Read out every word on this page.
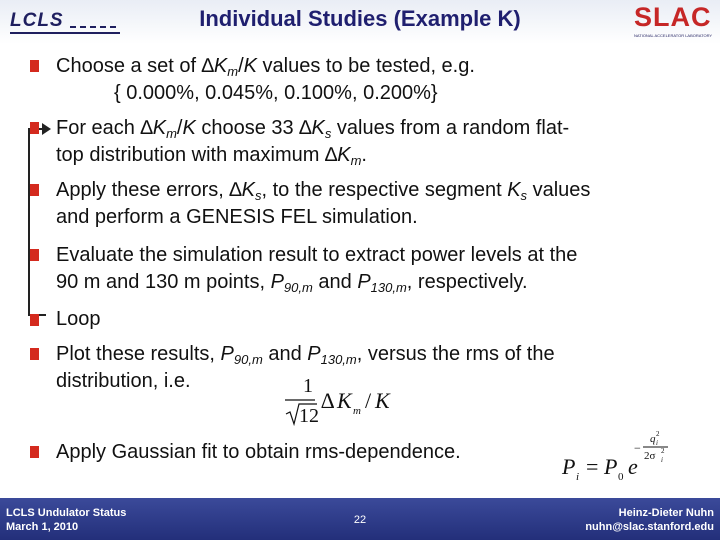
LCLS	Individual Studies (Example K)	SLAC
NATIONAL ACCELERATOR LABORATORY
Choose a set of $\Delta K_m/K$ values to be tested, e.g.
{ 0.000%, 0.045%, 0.100%, 0.200%}
For each $\Delta K_m/K$ choose 33 $\Delta K_s$ values from a random flat-
top distribution with maximum $\Delta K_m$.
Apply these errors, $\Delta K_s$, to the respective segment $K_s$ values
and perform a GENESIS FEL simulation.
Evaluate the simulation result to extract power levels at the
90 m and 130 m points, $P_{90,m}$ and $P_{130,m}$, respectively.
Loop
Plot these results, $P_{90,m}$ and $P_{130,m}$, versus the rms of the
distribution, i.e.	1
12
∆ K m / K
Apply Gaussian fit to obtain rms-dependence.
P i = P 0 e
−
q i
2
2σ i
2
LCLS Undulator Status
March 1, 2010
22
Heinz-Dieter Nuhn
nuhn@slac.stanford.edu
